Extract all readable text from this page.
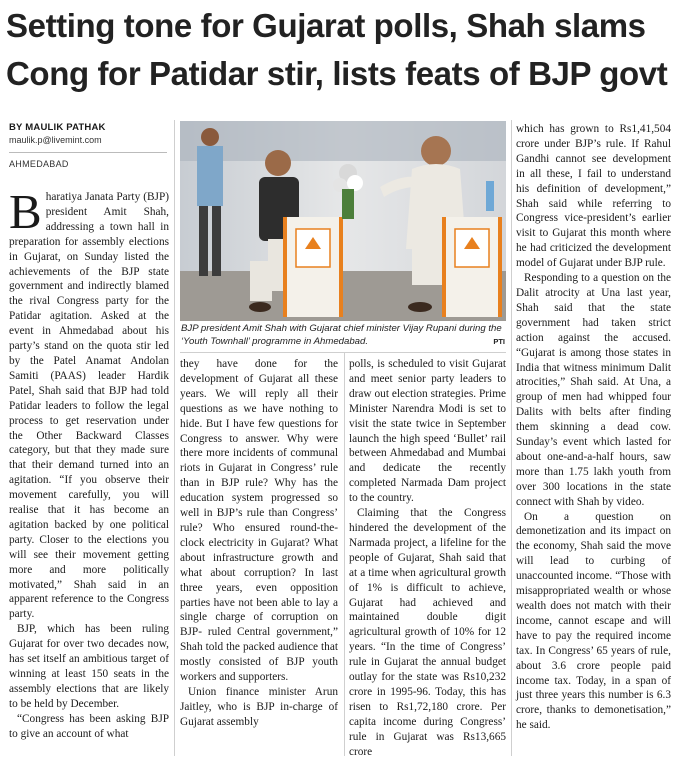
Setting tone for Gujarat polls, Shah slams
Cong for Patidar stir, lists feats of BJP govt
BY MAULIK PATHAK
maulik.p@livemint.com
AHMEDABAD

Bharatiya Janata Party (BJP) president Amit Shah, addressing a town hall in preparation for assembly elections in Gujarat, on Sunday listed the achievements of the BJP state government and indirectly blamed the rival Congress party for the Patidar agitation. Asked at the event in Ahmedabad about his party’s stand on the quota stir led by the Patel Anamat Andolan Samiti (PAAS) leader Hardik Patel, Shah said that BJP had told Patidar leaders to follow the legal process to get reservation under the Other Backward Classes category, but that they made sure that their demand turned into an agitation. “If you observe their movement carefully, you will realise that it has become an agitation backed by one political party. Closer to the elections you will see their movement getting more and more politically motivated,” Shah said in an apparent reference to the Congress party.

BJP, which has been ruling Gujarat for over two decades now, has set itself an ambitious target of winning at least 150 seats in the assembly elections that are likely to be held by December.

“Congress has been asking BJP to give an account of what

BJP president Amit Shah with Gujarat chief minister Vijay Rupani during the ‘Youth Townhall’ programme in Ahmedabad.	PTI

they have done for the development of Gujarat all these years. We will reply all their questions as we have nothing to hide. But I have few questions for Congress to answer. Why were there more incidents of communal riots in Gujarat in Congress’ rule than in BJP rule? Why has the education system progressed so well in BJP’s rule than Congress’ rule? Who ensured round-the-clock electricity in Gujarat? What about infrastructure growth and what about corruption? In last three years, even opposition parties have not been able to lay a single charge of corruption on BJP- ruled Central government,” Shah told the packed audience that mostly consisted of BJP youth workers and supporters.

Union finance minister Arun Jaitley, who is BJP in-charge of Gujarat assembly

polls, is scheduled to visit Gujarat and meet senior party leaders to draw out election strategies. Prime Minister Narendra Modi is set to visit the state twice in September launch the high speed ‘Bullet’ rail between Ahmedabad and Mumbai and dedicate the recently completed Narmada Dam project to the country.

Claiming that the Congress hindered the development of the Narmada project, a lifeline for the people of Gujarat, Shah said that at a time when agricultural growth of 1% is difficult to achieve, Gujarat had achieved and maintained double digit agricultural growth of 10% for 12 years. “In the time of Congress’ rule in Gujarat the annual budget outlay for the state was Rs10,232 crore in 1995-96. Today, this has risen to Rs1,72,180 crore. Per capita income during Congress’ rule in Gujarat was Rs13,665 crore

which has grown to Rs1,41,504 crore under BJP’s rule. If Rahul Gandhi cannot see development in all these, I fail to understand his definition of development,” Shah said while referring to Congress vice-president’s earlier visit to Gujarat this month where he had criticized the development model of Gujarat under BJP rule.

Responding to a question on the Dalit atrocity at Una last year, Shah said that the state government had taken strict action against the accused. “Gujarat is among those states in India that witness minimum Dalit atrocities,” Shah said. At Una, a group of men had whipped four Dalits with belts after finding them skinning a dead cow. Sunday’s event which lasted for about one-and-a-half hours, saw more than 1.75 lakh youth from over 300 locations in the state connect with Shah by video.

On a question on demonetization and its impact on the economy, Shah said the move will lead to curbing of unaccounted income. “Those with misappropriated wealth or whose wealth does not match with their income, cannot escape and will have to pay the required income tax. In Congress’ 65 years of rule, about 3.6 crore people paid income tax. Today, in a span of just three years this number is 6.3 crore, thanks to demonetisation,” he said.
